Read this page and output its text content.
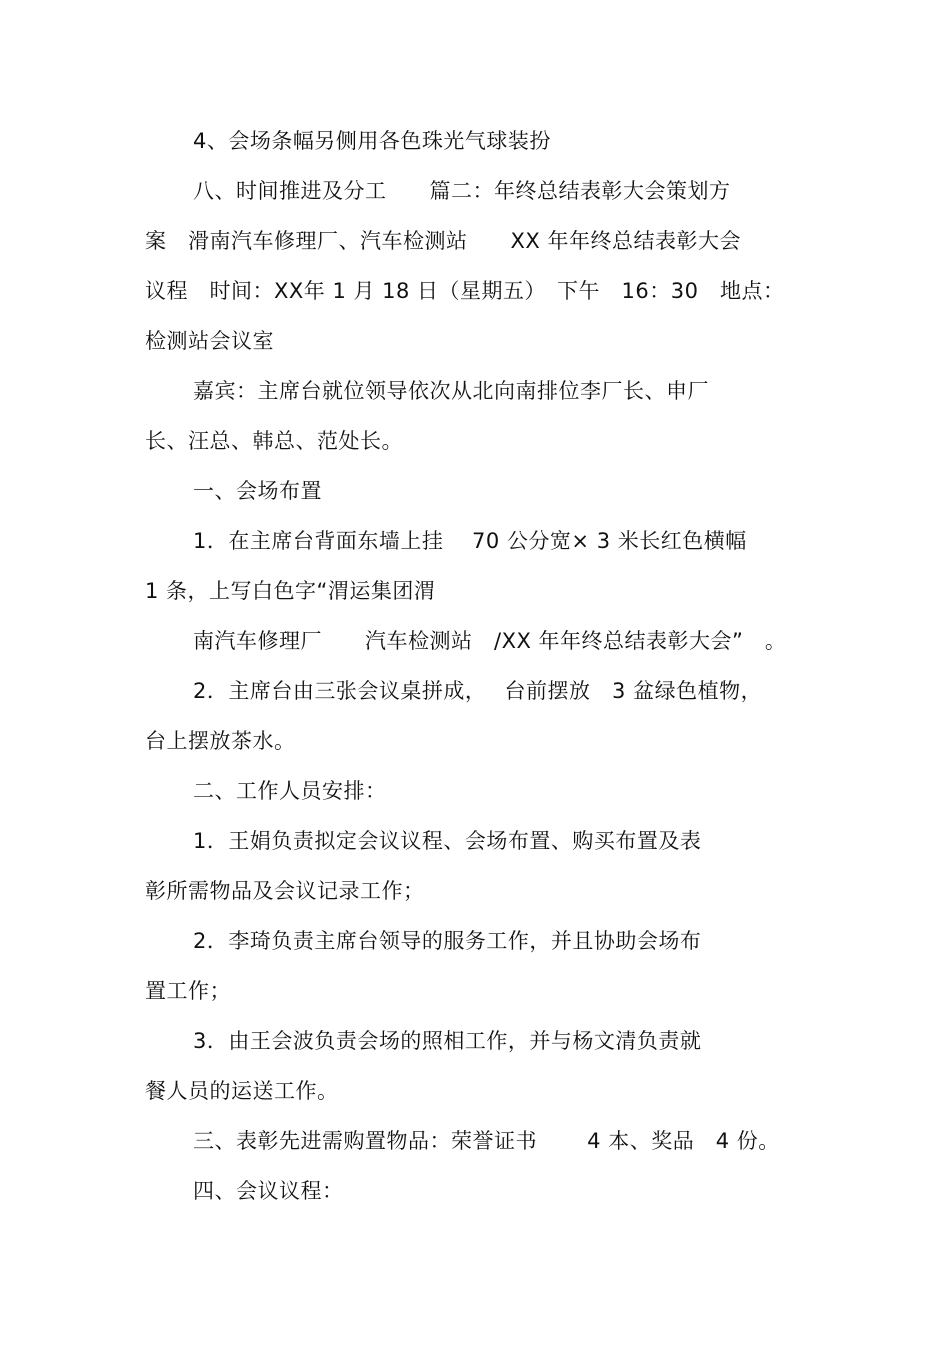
4、会场条幅另侧用各色珠光气球装扮
八、时间推进及分工　　篇二：年终总结表彰大会策划方
案　滑南汽车修理厂、汽车检测站　　XX 年年终总结表彰大会
议程　时间：XX年 1 月 18 日（星期五）　下午　16：30　地点：
检测站会议室
嘉宾：主席台就位领导依次从北向南排位李厂长、申厂
长、汪总、韩总、范处长。
一、会场布置
1．在主席台背面东墙上挂　 70 公分宽× 3 米长红色横幅
1 条，上写白色字“渭运集团渭
南汽车修理厂　　汽车检测站　/XX 年年终总结表彰大会”　。
2．主席台由三张会议桌拼成，　 台前摆放　3 盆绿色植物，
台上摆放茶水。
二、工作人员安排：
1．王娟负责拟定会议议程、会场布置、购买布置及表
彰所需物品及会议记录工作；
2．李琦负责主席台领导的服务工作，并且协助会场布
置工作；
3．由王会波负责会场的照相工作，并与杨文清负责就
餐人员的运送工作。
三、表彰先进需购置物品：荣誉证书　　 4 本、奖品　4 份。
四、会议议程：
